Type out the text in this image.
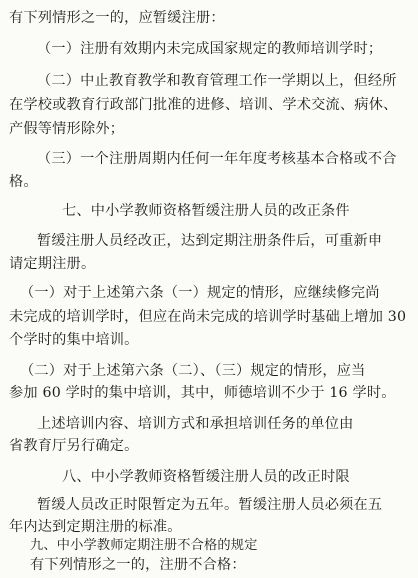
有下列情形之一的，应暂缓注册：
（一）注册有效期内未完成国家规定的教师培训学时；
（二）中止教育教学和教育管理工作一学期以上，但经所
在学校或教育行政部门批准的进修、培训、学术交流、病休、
产假等情形除外；
（三）一个注册周期内任何一年年度考核基本合格或不合
格。
七、中小学教师资格暂缓注册人员的改正条件
暂缓注册人员经改正，达到定期注册条件后，可重新申
请定期注册。
（一）对于上述第六条（一）规定的情形，应继续修完尚
未完成的培训学时，但应在尚未完成的培训学时基础上增加 30
个学时的集中培训。
（二）对于上述第六条（二）、（三）规定的情形，应当
参加 60 学时的集中培训，其中，师德培训不少于 16 学时。
上述培训内容、培训方式和承担培训任务的单位由
省教育厅另行确定。
八、中小学教师资格暂缓注册人员的改正时限
暂缓人员改正时限暂定为五年。暂缓注册人员必须在五
年内达到定期注册的标准。
九、中小学教师定期注册不合格的规定
有下列情形之一的，注册不合格：
